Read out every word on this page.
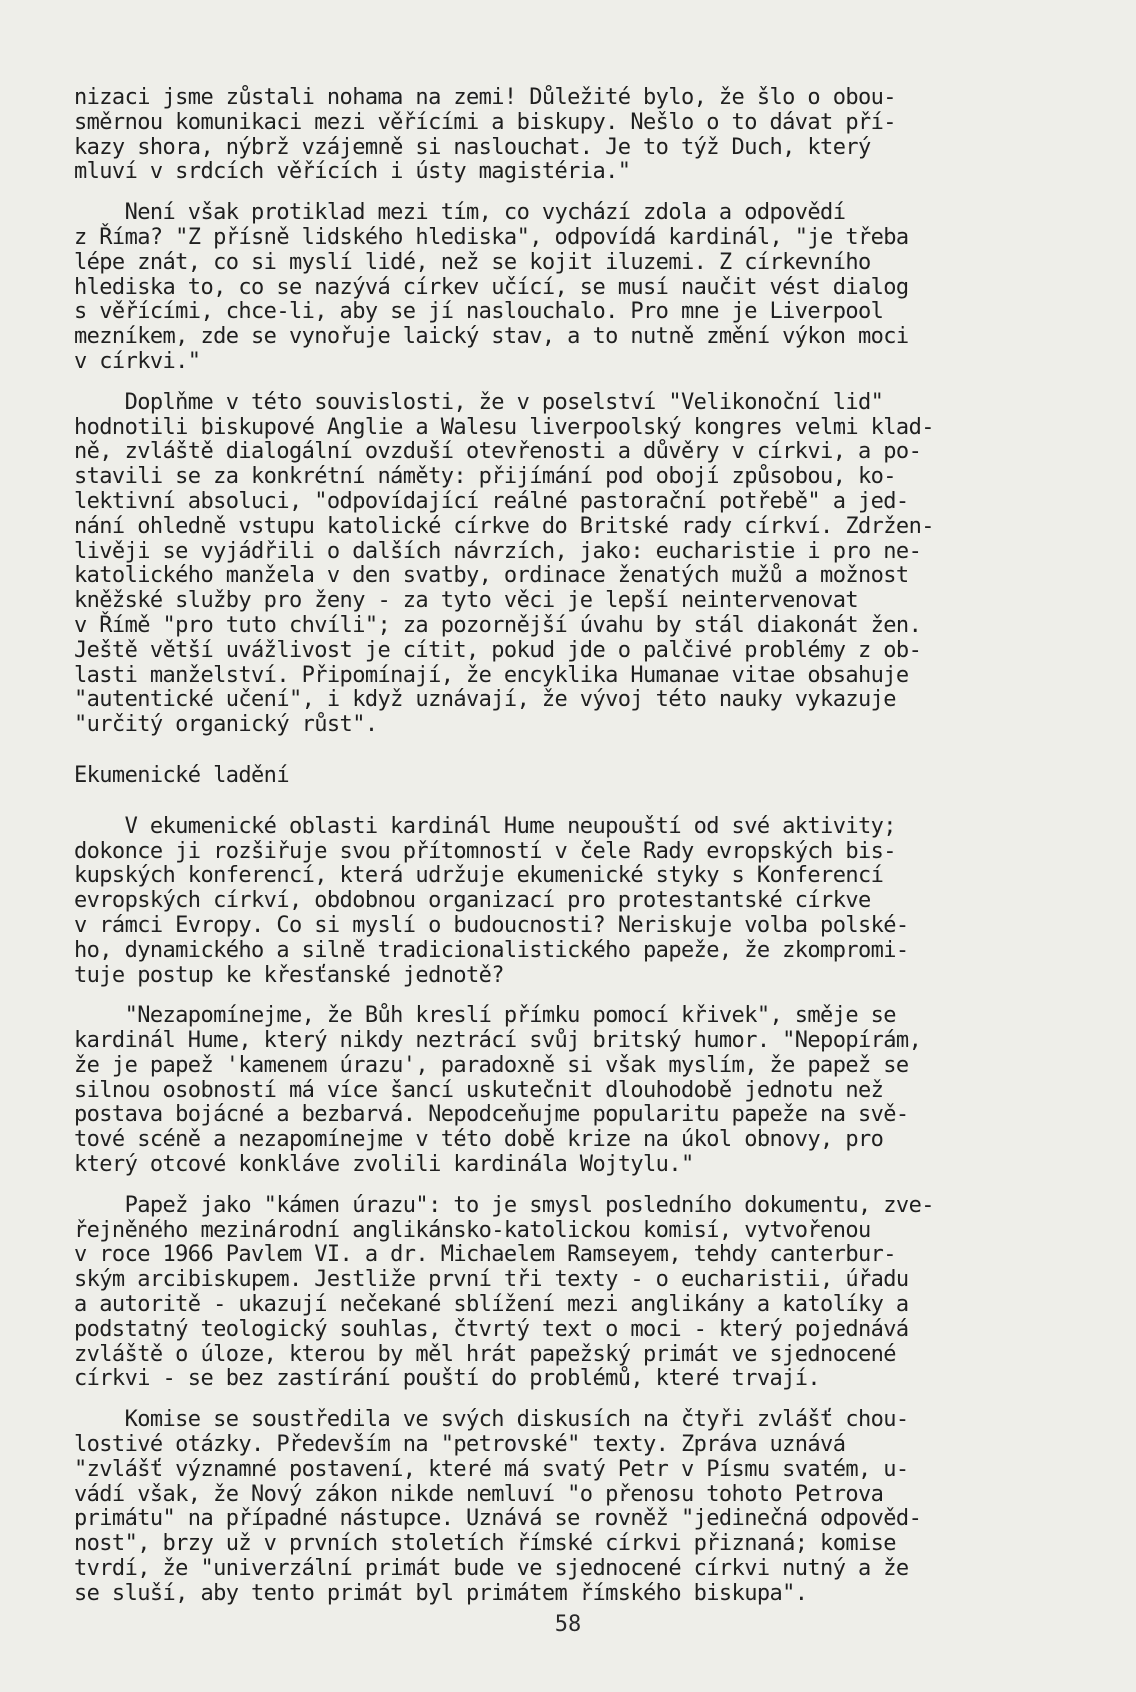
nizaci jsme zůstali nohama na zemi! Důležité bylo, že šlo o obou-
směrnou komunikaci mezi věřícími a biskupy. Nešlo o to dávat pří-
kazy shora, nýbrž vzájemně si naslouchat. Je to týž Duch, který
mluví v srdcích věřících i ústy magistéria."

Není však protiklad mezi tím, co vychází zdola a odpovědí
z Říma? "Z přísně lidského hlediska", odpovídá kardinál, "je třeba
lépe znát, co si myslí lidé, než se kojit iluzemi. Z církevního
hlediska to, co se nazývá církev učící, se musí naučit vést dialog
s věřícími, chce-li, aby se jí naslouchalo. Pro mne je Liverpool
mezníkem, zde se vynořuje laický stav, a to nutně změní výkon moci
v církvi."

Doplňme v této souvislosti, že v poselství "Velikonoční lid"
hodnotili biskupové Anglie a Walesu liverpoolský kongres velmi klad-
ně, zvláště dialogální ovzduší otevřenosti a důvěry v církvi, a po-
stavili se za konkrétní náměty: přijímání pod obojí způsobou, ko-
lektivní absoluci, "odpovídající reálné pastorační potřebě" a jed-
nání ohledně vstupu katolické církve do Britské rady církví. Zdržen-
livěji se vyjádřili o dalších návrzích, jako: eucharistie i pro ne-
katolického manžela v den svatby, ordinace ženatých mužů a možnost
kněžské služby pro ženy - za tyto věci je lepší neintervenovat
v Římě "pro tuto chvíli"; za pozornější úvahu by stál diakonát žen.
Ještě větší uvážlivost je cítit, pokud jde o palčivé problémy z ob-
lasti manželství. Připomínají, že encyklika Humanae vitae obsahuje
"autentické učení", i když uznávají, že vývoj této nauky vykazuje
"určitý organický růst".

Ekumenické ladění

V ekumenické oblasti kardinál Hume neupouští od své aktivity;
dokonce ji rozšiřuje svou přítomností v čele Rady evropských bis-
kupských konferencí, která udržuje ekumenické styky s Konferencí
evropských církví, obdobnou organizací pro protestantské církve
v rámci Evropy. Co si myslí o budoucnosti? Neriskuje volba polské-
ho, dynamického a silně tradicionalistického papeže, že zkompromi-
tuje postup ke křesťanské jednotě?

"Nezapomínejme, že Bůh kreslí přímku pomocí křivek", směje se
kardinál Hume, který nikdy neztrácí svůj britský humor. "Nepopírám,
že je papež 'kamenem úrazu', paradoxně si však myslím, že papež se
silnou osobností má více šancí uskutečnit dlouhodobě jednotu než
postava bojácné a bezbarvá. Nepodceňujme popularitu papeže na svě-
tové scéně a nezapomínejme v této době krize na úkol obnovy, pro
který otcové konkláve zvolili kardinála Wojtylu."

Papež jako "kámen úrazu": to je smysl posledního dokumentu, zve-
řejněného mezinárodní anglikánsko-katolickou komisí, vytvořenou
v roce 1966 Pavlem VI. a dr. Michaelem Ramseyem, tehdy canterbur-
ským arcibiskupem. Jestliže první tři texty - o eucharistii, úřadu
a autoritě - ukazují nečekané sblížení mezi anglikány a katolíky a
podstatný teologický souhlas, čtvrtý text o moci - který pojednává
zvláště o úloze, kterou by měl hrát papežský primát ve sjednocené
církvi - se bez zastírání pouští do problémů, které trvají.

Komise se soustředila ve svých diskusích na čtyři zvlášť chou-
lostivé otázky. Především na "petrovské" texty. Zpráva uznává
"zvlášť významné postavení, které má svatý Petr v Písmu svatém, u-
vádí však, že Nový zákon nikde nemluví "o přenosu tohoto Petrova
primátu" na případné nástupce. Uznává se rovněž "jedinečná odpověd-
nost", brzy už v prvních stoletích římské církvi přiznaná; komise
tvrdí, že "univerzální primát bude ve sjednocené církvi nutný a že
se sluší, aby tento primát byl primátem římského biskupa".

58
